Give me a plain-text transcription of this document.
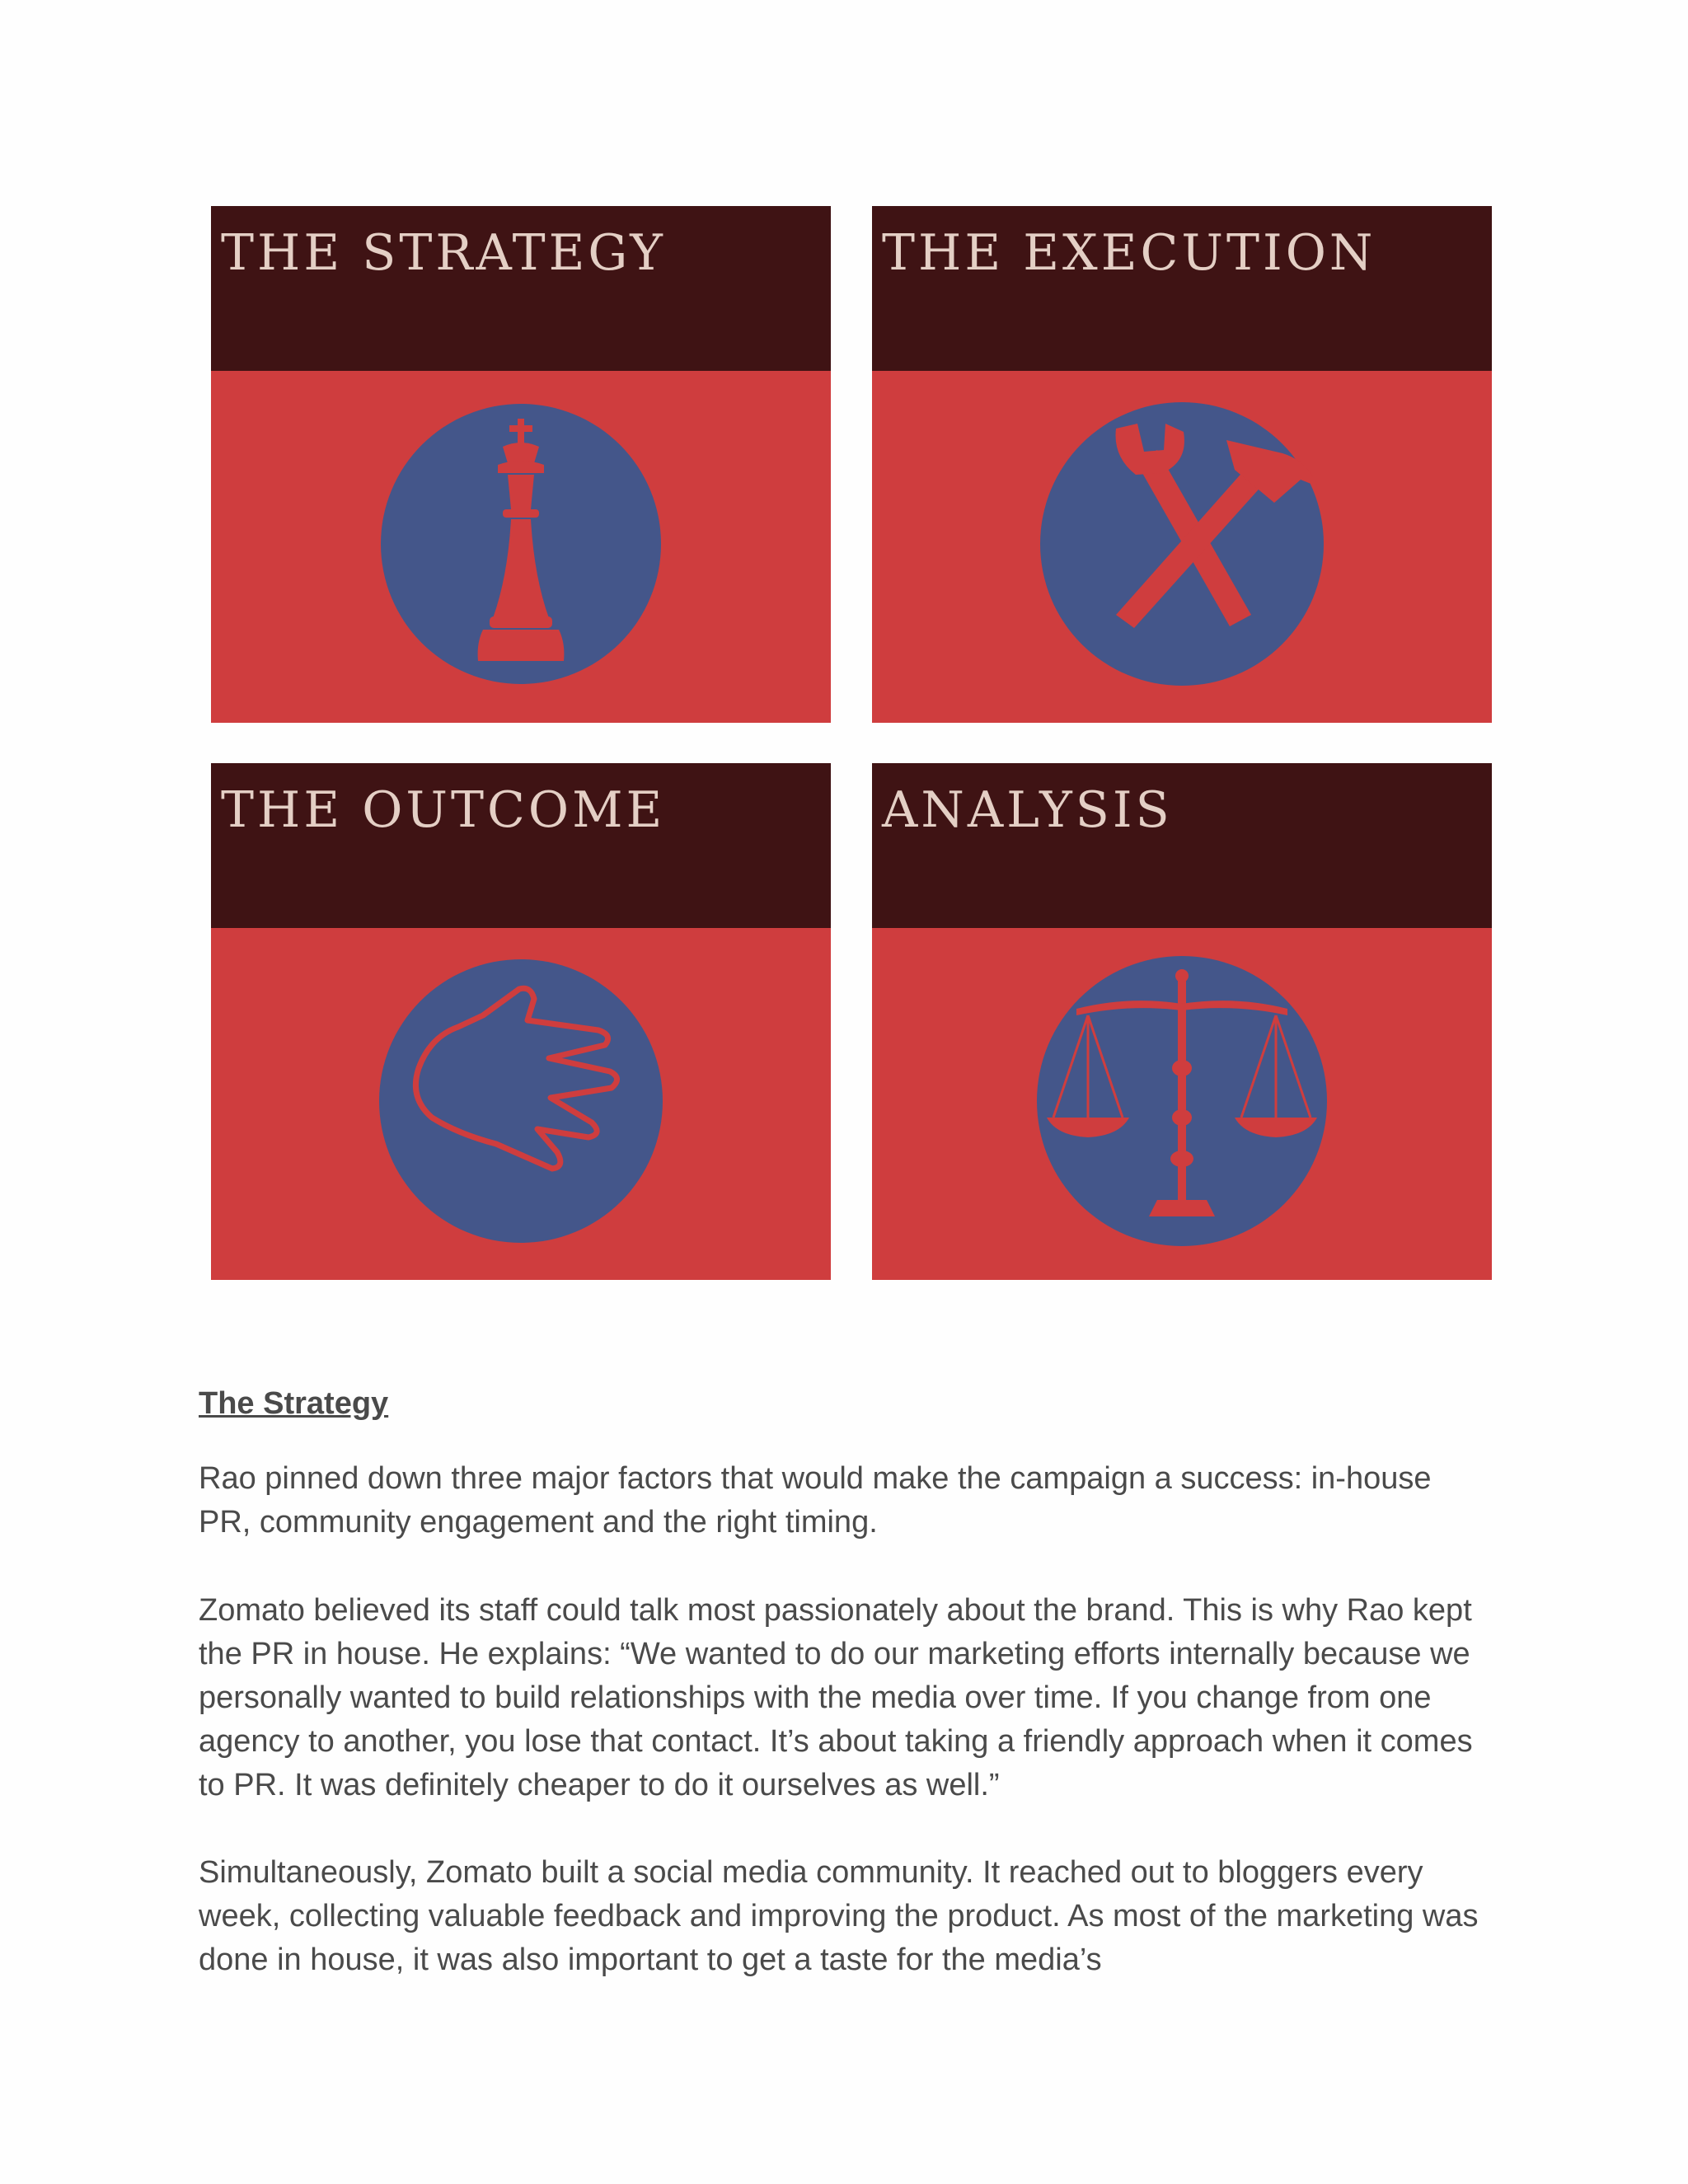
THE STRATEGY	THE EXECUTION
THE OUTCOME	ANALYSIS
The Strategy

Rao pinned down three major factors that would make the campaign a success: in-house PR, community engagement and the right timing.

Zomato believed its staff could talk most passionately about the brand. This is why Rao kept the PR in house. He explains: “We wanted to do our marketing efforts internally because we personally wanted to build relationships with the media over time. If you change from one agency to another, you lose that contact. It’s about taking a friendly approach when it comes to PR. It was definitely cheaper to do it ourselves as well.”

Simultaneously, Zomato built a social media community. It reached out to bloggers every week, collecting valuable feedback and improving the product. As most of the marketing was done in house, it was also important to get a taste for the media’s
